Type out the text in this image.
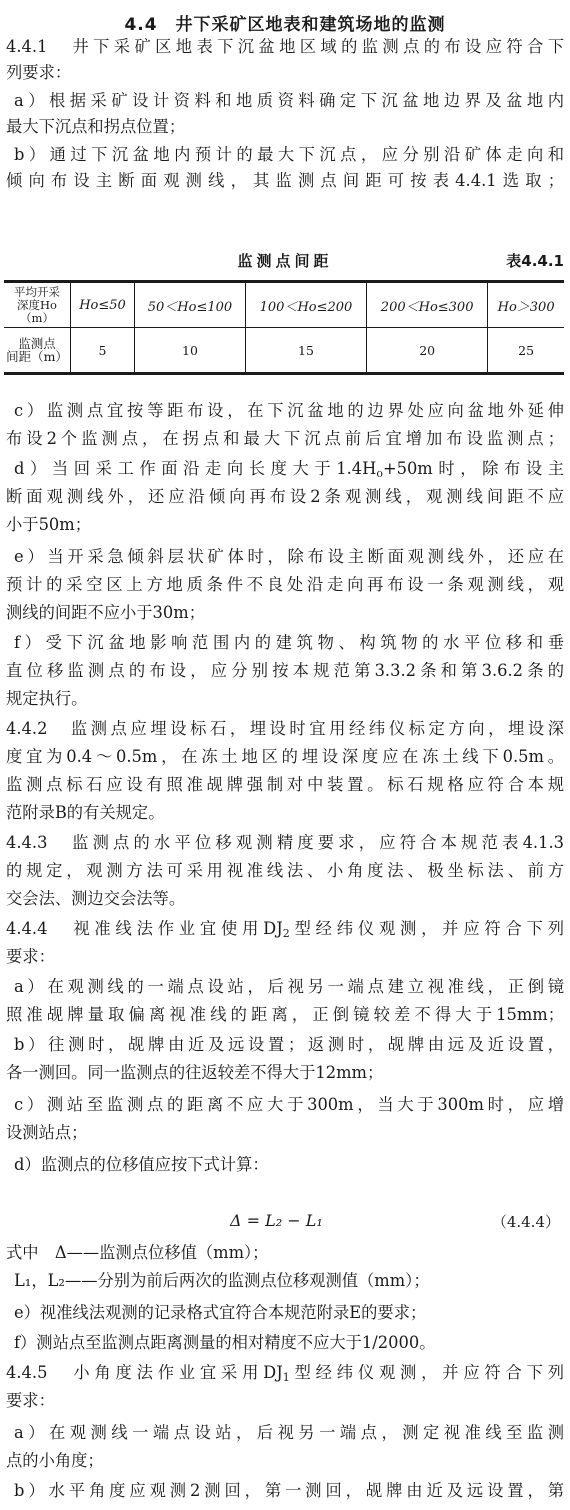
4.4　井下采矿区地表和建筑场地的监测
4.4.1　井下采矿区地表下沉盆地区域的监测点的布设应符合下
列要求：
a）根据采矿设计资料和地质资料确定下沉盆地边界及盆地内
最大下沉点和拐点位置；
b）通过下沉盆地内预计的最大下沉点，应分别沿矿体走向和
倾向布设主断面观测线，其监测点间距可按表4.4.1选取；
监测点间距	表4.4.1
平均开采
深度Ho
（m）	Ho≤50	50＜Ho≤100	100＜Ho≤200	200＜Ho≤300	Ho＞300

监测点
间距（m）	5	10	15	20	25
c）监测点宜按等距布设，在下沉盆地的边界处应向盆地外延伸
布设2个监测点，在拐点和最大下沉点前后宜增加布设监测点；
d）当回采工作面沿走向长度大于$1.4H_o+50m$时，除布设主
断面观测线外，还应沿倾向再布设2条观测线，观测线间距不应
小于50m；
e）当开采急倾斜层状矿体时，除布设主断面观测线外，还应在
预计的采空区上方地质条件不良处沿走向再布设一条观测线，观
测线的间距不应小于30m；
f）受下沉盆地影响范围内的建筑物、构筑物的水平位移和垂
直位移监测点的布设，应分别按本规范第3.3.2条和第3.6.2条的
规定执行。
4.4.2　监测点应埋设标石，埋设时宜用经纬仪标定方向，埋设深
度宜为0.4～0.5m，在冻土地区的埋设深度应在冻土线下0.5m。
监测点标石应设有照准觇牌强制对中装置。标石规格应符合本规
范附录B的有关规定。
4.4.3　监测点的水平位移观测精度要求，应符合本规范表4.1.3
的规定，观测方法可采用视准线法、小角度法、极坐标法、前方
交会法、测边交会法等。
4.4.4　视准线法作业宜使用$DJ_2$型经纬仪观测，并应符合下列
要求：
a）在观测线的一端点设站，后视另一端点建立视准线，正倒镜
照准觇牌量取偏离视准线的距离，正倒镜较差不得大于15mm；
b）往测时，觇牌由近及远设置；返测时，觇牌由远及近设置，
各一测回。同一监测点的往返较差不得大于12mm；
c）测站至监测点的距离不应大于300m，当大于300m时，应增
设测站点；
d）监测点的位移值应按下式计算：
Δ = L₂ − L₁	（4.4.4）
式中　Δ——监测点位移值（mm）；
L₁，L₂——分别为前后两次的监测点位移观测值（mm）；
e）视准线法观测的记录格式宜符合本规范附录E的要求；
f）测站点至监测点距离测量的相对精度不应大于1/2000。
4.4.5　小角度法作业宜采用$DJ_1$型经纬仪观测，并应符合下列
要求：
a）在观测线一端点设站，后视另一端点，测定视准线至监测
点的小角度；
b）水平角度应观测2测回，第一测回，觇牌由近及远设置，第
